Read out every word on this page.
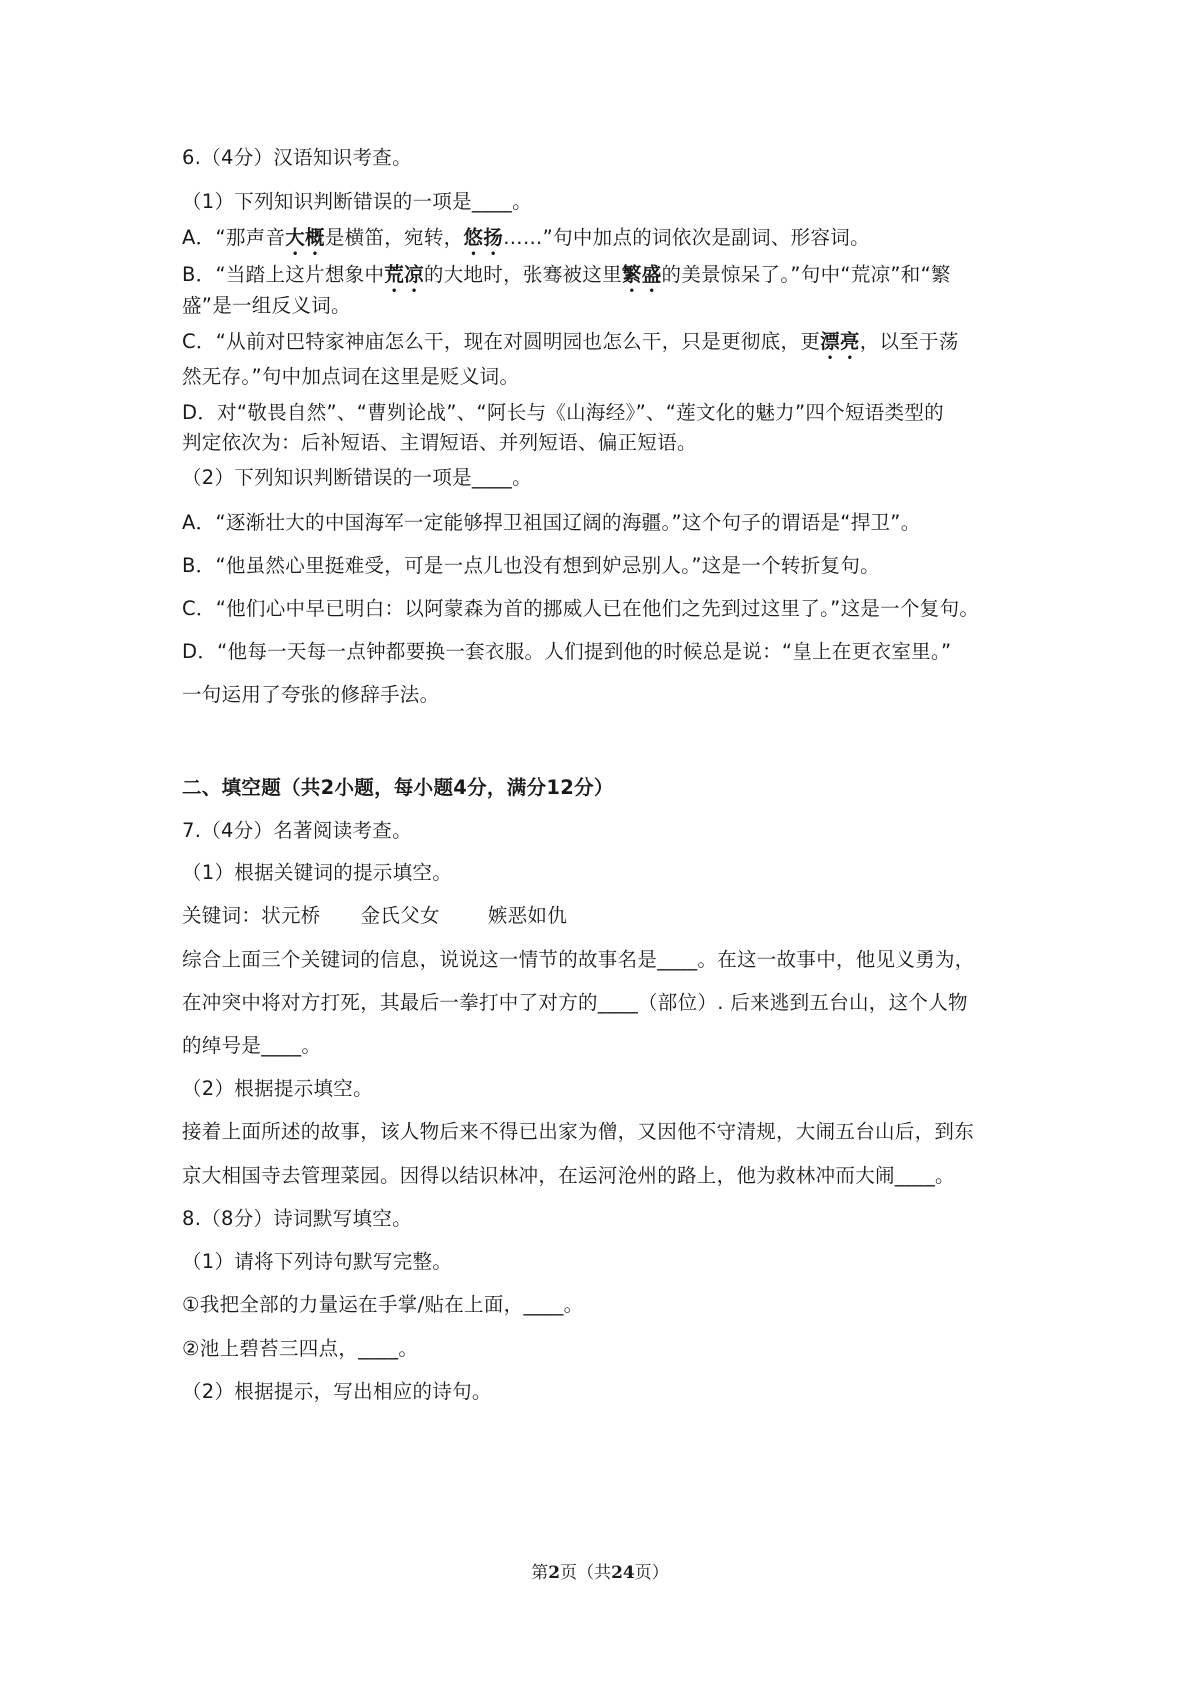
6.（4分）汉语知识考查。
（1）下列知识判断错误的一项是____。
A．“那声音大概是横笛，宛转，悠扬……”句中加点的词依次是副词、形容词。
B．“当踏上这片想象中荒凉的大地时，张骞被这里繁盛的美景惊呆了。”句中“荒凉”和“繁
盛”是一组反义词。
C．“从前对巴特家神庙怎么干，现在对圆明园也怎么干，只是更彻底，更漂亮，以至于荡
然无存。”句中加点词在这里是贬义词。
D．对“敬畏自然”、“曹刿论战”、“阿长与《山海经》”、“莲文化的魅力”四个短语类型的
判定依次为：后补短语、主谓短语、并列短语、偏正短语。
（2）下列知识判断错误的一项是____。
A．“逐渐壮大的中国海军一定能够捍卫祖国辽阔的海疆。”这个句子的谓语是“捍卫”。
B．“他虽然心里挺难受，可是一点儿也没有想到妒忌别人。”这是一个转折复句。
C．“他们心中早已明白：以阿蒙森为首的挪威人已在他们之先到过这里了。”这是一个复句。
D．“他每一天每一点钟都要换一套衣服。人们提到他的时候总是说：“皇上在更衣室里。”
一句运用了夸张的修辞手法。
二、填空题（共2小题，每小题4分，满分12分）
7.（4分）名著阅读考查。
（1）根据关键词的提示填空。
关键词：状元桥 金氏父女 嫉恶如仇
综合上面三个关键词的信息，说说这一情节的故事名是____。在这一故事中，他见义勇为，
在冲突中将对方打死，其最后一拳打中了对方的____（部位）. 后来逃到五台山，这个人物
的绰号是____。
（2）根据提示填空。
接着上面所述的故事，该人物后来不得已出家为僧，又因他不守清规，大闹五台山后，到东
京大相国寺去管理菜园。因得以结识林冲，在运河沧州的路上，他为救林冲而大闹____。
8.（8分）诗词默写填空。
（1）请将下列诗句默写完整。
①我把全部的力量运在手掌/贴在上面，____。
②池上碧苔三四点，____。
（2）根据提示，写出相应的诗句。
第2页（共24页）
